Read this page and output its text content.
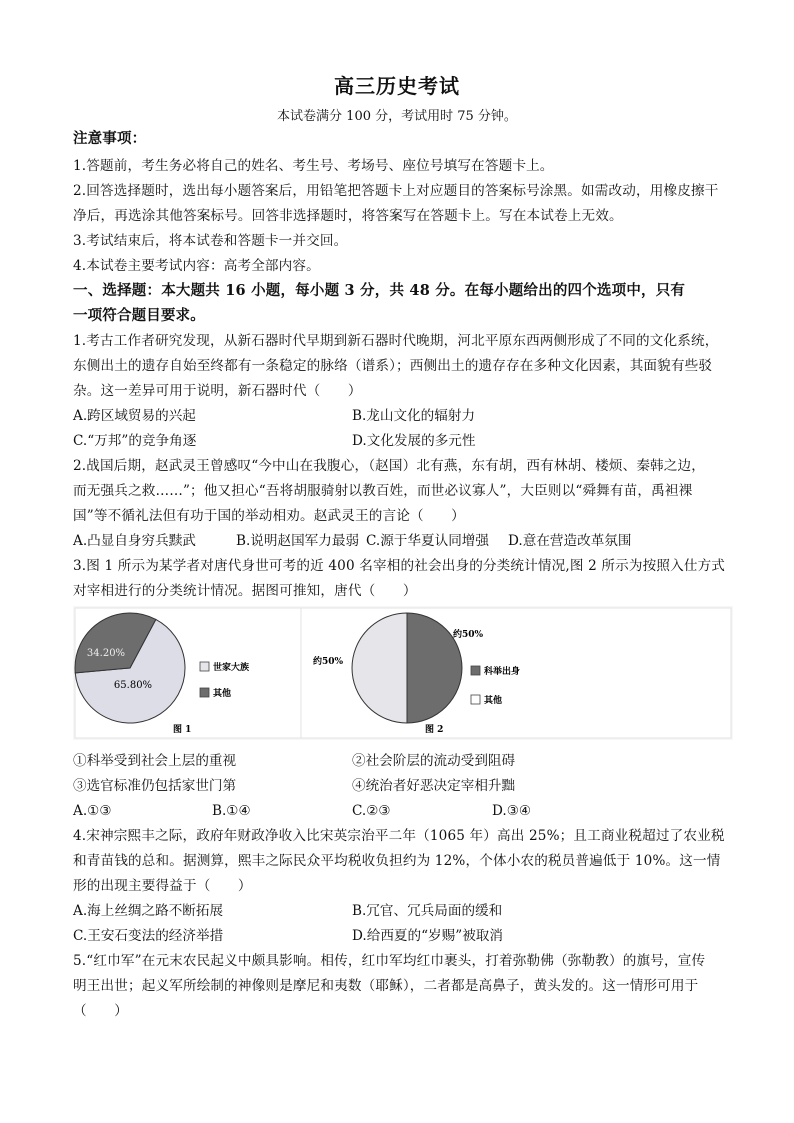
高三历史考试
本试卷满分 100 分，考试用时 75 分钟。
注意事项：
1.答题前，考生务必将自己的姓名、考生号、考场号、座位号填写在答题卡上。
2.回答选择题时，选出每小题答案后，用铅笔把答题卡上对应题目的答案标号涂黑。如需改动，用橡皮擦干
净后，再选涂其他答案标号。回答非选择题时，将答案写在答题卡上。写在本试卷上无效。
3.考试结束后，将本试卷和答题卡一并交回。
4.本试卷主要考试内容：高考全部内容。
一、选择题：本大题共 16 小题，每小题 3 分，共 48 分。在每小题给出的四个选项中，只有
一项符合题目要求。
1.考古工作者研究发现，从新石器时代早期到新石器时代晚期，河北平原东西两侧形成了不同的文化系统，
东侧出土的遗存自始至终都有一条稳定的脉络（谱系）；西侧出土的遗存存在多种文化因素，其面貌有些驳
杂。这一差异可用于说明，新石器时代（　　）
A.跨区域贸易的兴起	B.龙山文化的辐射力
C.“万邦”的竞争角逐	D.文化发展的多元性
2.战国后期，赵武灵王曾感叹“今中山在我腹心，（赵国）北有燕，东有胡，西有林胡、楼烦、秦韩之边，
而无强兵之救……”；他又担心“吾将胡服骑射以教百姓，而世必议寡人”，大臣则以“舜舞有苗，禹袒裸
国”等不循礼法但有功于国的举动相劝。赵武灵王的言论（　　）
A.凸显自身穷兵黩武	B.说明赵国军力最弱 C.源于华夏认同增强 D.意在营造改革氛围
3.图 1 所示为某学者对唐代身世可考的近 400 名宰相的社会出身的分类统计情况,图 2 所示为按照入仕方式
对宰相进行的分类统计情况。据图可推知，唐代（　　）
65.80%
34.20%
图 1
世家大族
其他
约50%
约50%
图 2
科举出身
其他
①科举受到社会上层的重视	②社会阶层的流动受到阻碍
③选官标准仍包括家世门第	④统治者好恶决定宰相升黜
A.①③	B.①④	C.②③	D.③④
4.宋神宗熙丰之际，政府年财政净收入比宋英宗治平二年（1065 年）高出 25%；且工商业税超过了农业税
和青苗钱的总和。据测算，熙丰之际民众平均税收负担约为 12%，个体小农的税员普遍低于 10%。这一情
形的出现主要得益于（　　）
A.海上丝绸之路不断拓展	B.冗官、冗兵局面的缓和
C.王安石变法的经济举措	D.给西夏的“岁赐”被取消
5.“红巾军”在元末农民起义中颇具影响。相传，红巾军均红巾裹头，打着弥勒佛（弥勒教）的旗号，宣传
明王出世；起义军所绘制的神像则是摩尼和夷数（耶稣），二者都是高鼻子，黄头发的。这一情形可用于
（　　）
